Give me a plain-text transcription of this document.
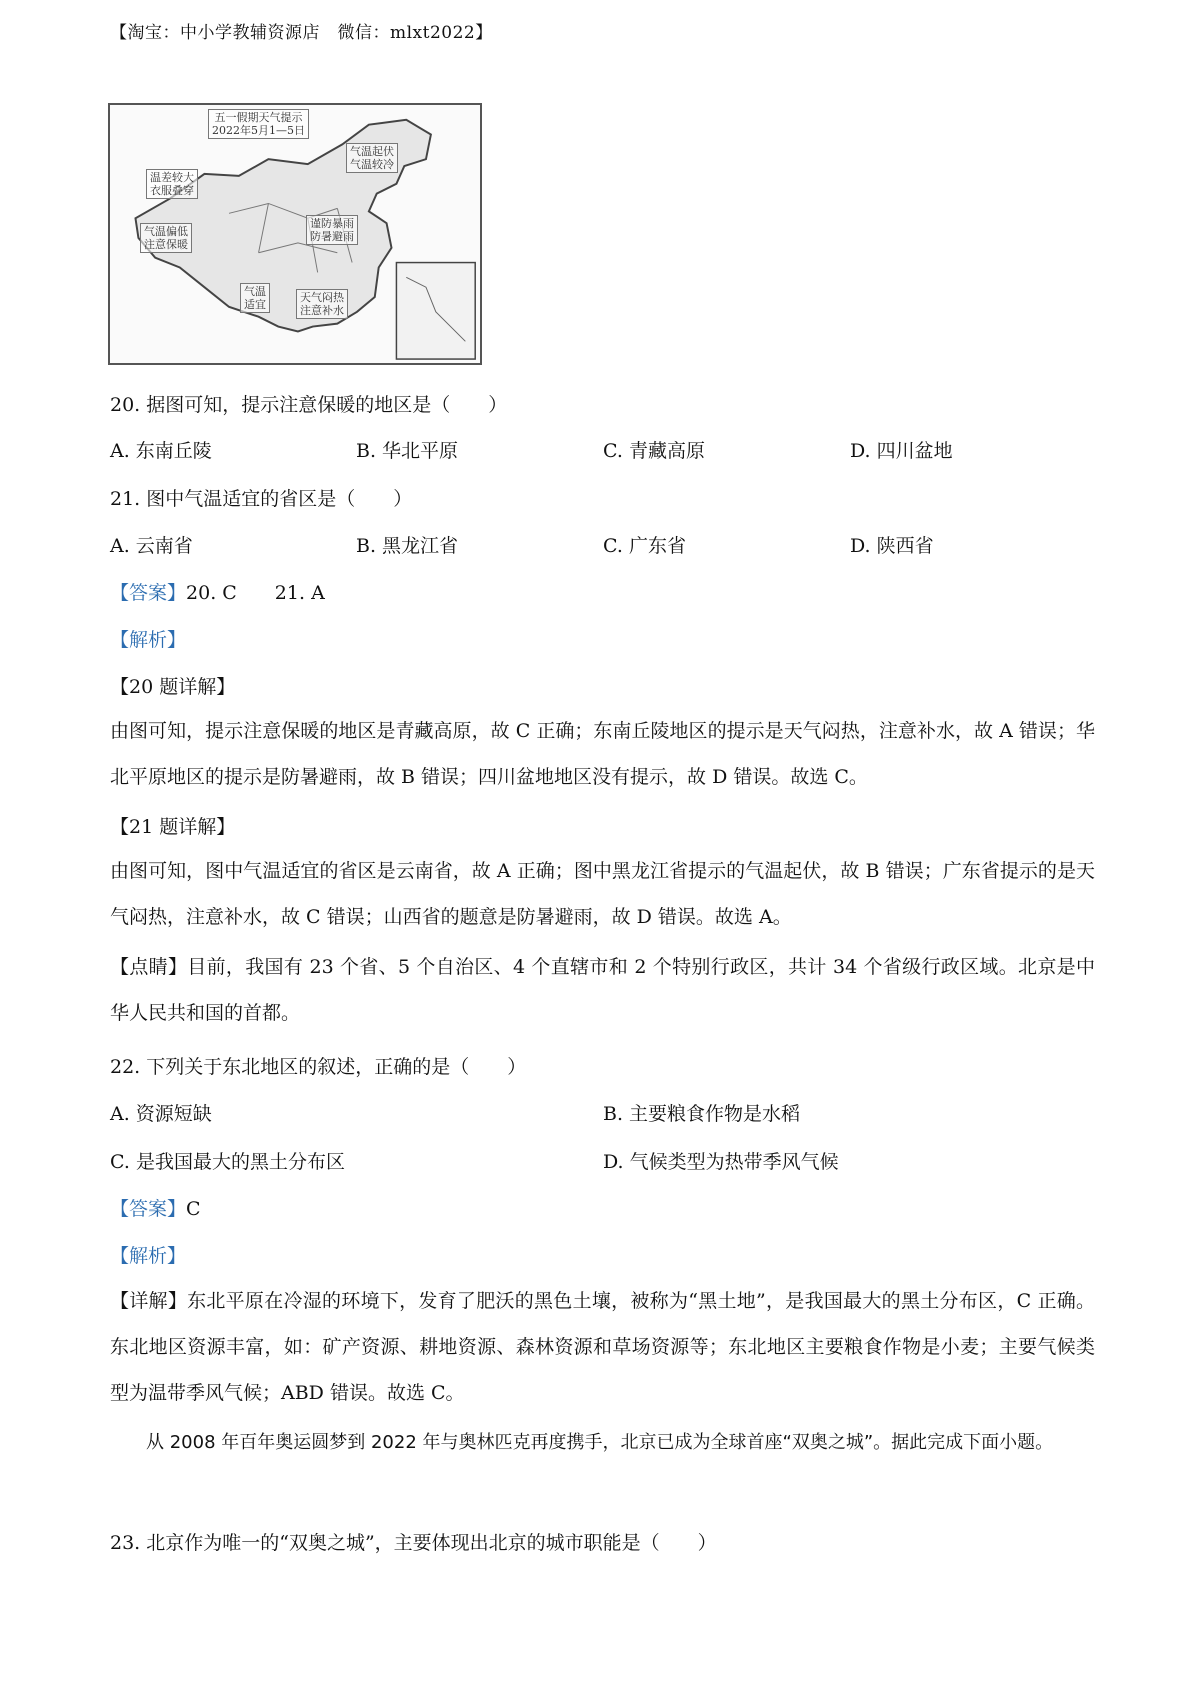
【淘宝：中小学教辅资源店　微信：mlxt2022】
五一假期天气提示
2022年5月1—5日
气温起伏
气温较冷
温差较大
衣服叠穿
气温偏低
注意保暖
谨防暴雨
防暑避雨
气温
适宜
天气闷热
注意补水
20. 据图可知，提示注意保暖的地区是（　　）
A. 东南丘陵	B. 华北平原	C. 青藏高原	D. 四川盆地
21. 图中气温适宜的省区是（　　）
A. 云南省	B. 黑龙江省	C. 广东省	D. 陕西省
【答案】20. C　　21. A
【解析】
【20 题详解】
由图可知，提示注意保暖的地区是青藏高原，故 C 正确；东南丘陵地区的提示是天气闷热，注意补水，故 A 错误；华北平原地区的提示是防暑避雨，故 B 错误；四川盆地地区没有提示，故 D 错误。故选 C。
【21 题详解】
由图可知，图中气温适宜的省区是云南省，故 A 正确；图中黑龙江省提示的气温起伏，故 B 错误；广东省提示的是天气闷热，注意补水，故 C 错误；山西省的题意是防暑避雨，故 D 错误。故选 A。
【点睛】目前，我国有 23 个省、5 个自治区、4 个直辖市和 2 个特别行政区，共计 34 个省级行政区域。北京是中华人民共和国的首都。
22. 下列关于东北地区的叙述，正确的是（　　）
A. 资源短缺	B. 主要粮食作物是水稻
C. 是我国最大的黑土分布区	D. 气候类型为热带季风气候
【答案】C
【解析】
【详解】东北平原在冷湿的环境下，发育了肥沃的黑色土壤，被称为“黑土地”，是我国最大的黑土分布区，C 正确。东北地区资源丰富，如：矿产资源、耕地资源、森林资源和草场资源等；东北地区主要粮食作物是小麦；主要气候类型为温带季风气候；ABD 错误。故选 C。
从 2008 年百年奥运圆梦到 2022 年与奥林匹克再度携手，北京已成为全球首座“双奥之城”。据此完成下面小题。
23. 北京作为唯一的“双奥之城”，主要体现出北京的城市职能是（　　）
